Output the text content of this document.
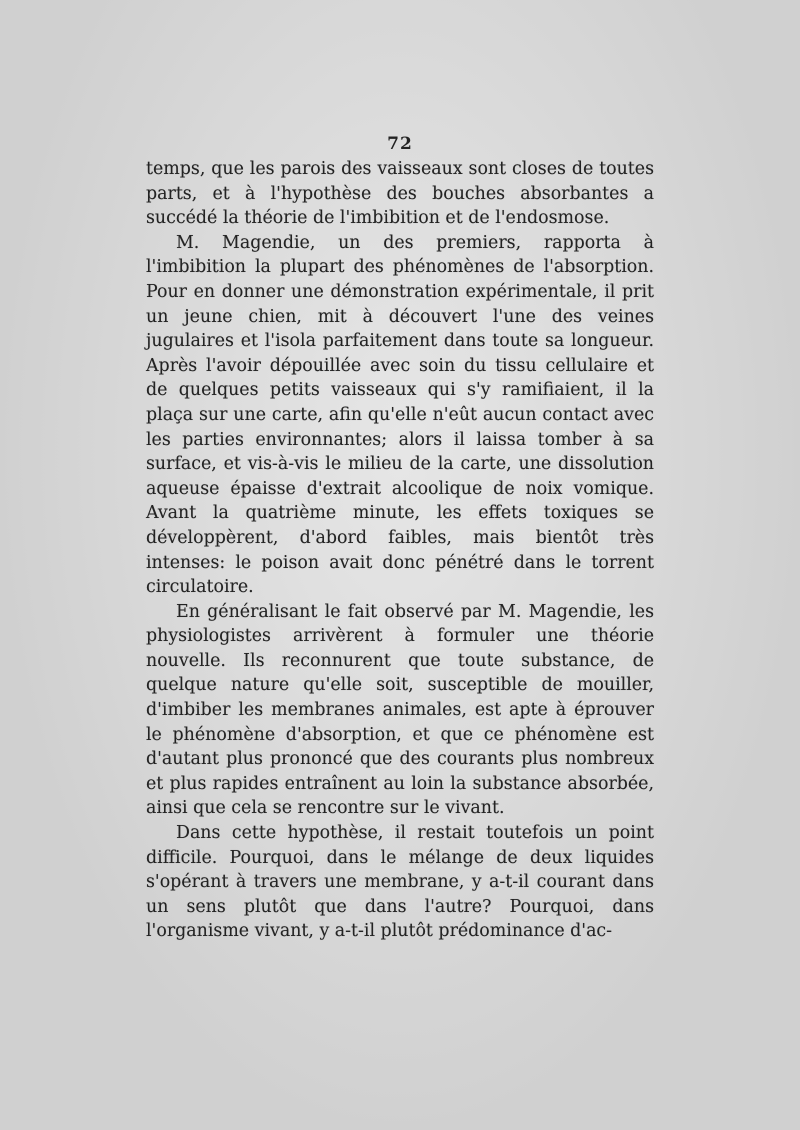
72

temps, que les parois des vaisseaux sont closes de toutes parts, et à l'hypothèse des bouches absorbantes a succédé la théorie de l'imbibition et de l'endosmose.

M. Magendie, un des premiers, rapporta à l'imbibition la plupart des phénomènes de l'absorption. Pour en donner une démonstration expérimentale, il prit un jeune chien, mit à découvert l'une des veines jugulaires et l'isola parfaitement dans toute sa longueur. Après l'avoir dépouillée avec soin du tissu cellulaire et de quelques petits vaisseaux qui s'y ramifiaient, il la plaça sur une carte, afin qu'elle n'eût aucun contact avec les parties environnantes; alors il laissa tomber à sa surface, et vis-à-vis le milieu de la carte, une dissolution aqueuse épaisse d'extrait alcoolique de noix vomique. Avant la quatrième minute, les effets toxiques se développèrent, d'abord faibles, mais bientôt très intenses: le poison avait donc pénétré dans le torrent circulatoire.

En généralisant le fait observé par M. Magendie, les physiologistes arrivèrent à formuler une théorie nouvelle. Ils reconnurent que toute substance, de quelque nature qu'elle soit, susceptible de mouiller, d'imbiber les membranes animales, est apte à éprouver le phénomène d'absorption, et que ce phénomène est d'autant plus prononcé que des courants plus nombreux et plus rapides entraînent au loin la substance absorbée, ainsi que cela se rencontre sur le vivant.

Dans cette hypothèse, il restait toutefois un point difficile. Pourquoi, dans le mélange de deux liquides s'opérant à travers une membrane, y a-t-il courant dans un sens plutôt que dans l'autre? Pourquoi, dans l'organisme vivant, y a-t-il plutôt prédominance d'ac-
